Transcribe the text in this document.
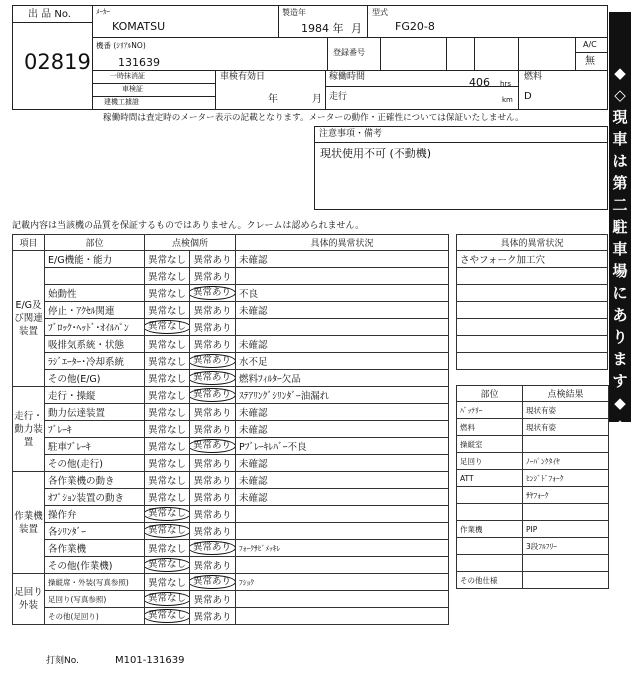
出 品 No.
02819
ﾒｰｶｰ
KOMATSU
製造年
1984 年 月
型式
FG20-8
機番 (ｼﾘｱﾙNO)
131639
登録番号
A/C
無
一時抹消証
車検証
建機工據證
車検有効日
年	月
稼働時間	406 hrs
走行	km
燃料
D
稼働時間は査定時のメーター表示の記載となります。メーターの動作・正確性については保証いたしません。
注意事項・備考
現状使用不可 (不動機)
記載内容は当該機の品質を保証するものではありません。クレームは認められません。
◆
◇
現
車
は
第
二
駐
車
場
に
あ
り
ま
す
◆
◇
項目	部位	点検個所		具体的異常状況
E/G及び関連装置	E/G機能・能力	異常なし	異常あり	未確認
		異常なし	異常あり	
	始動性	異常なし	異常あり	不良
	停止・ｱｸｾﾙ関連	異常なし	異常あり	未確認
	ﾌﾞﾛｯｸ･ﾍｯﾄﾞ･ｵｲﾙﾊﾟﾝ	異常なし	異常あり	
	吸排気系統・状態	異常なし	異常あり	未確認
	ﾗｼﾞｴｰﾀｰ･冷却系統	異常なし	異常あり	水不足
	その他(E/G)	異常なし	異常あり	燃料ﾌｨﾙﾀｰ欠品
走行・動力装置	走行・操縦	異常なし	異常あり	ｽﾃｱﾘﾝｸﾞｼﾘﾝﾀﾞｰ油漏れ
	動力伝達装置	異常なし	異常あり	未確認
	ﾌﾞﾚｰｷ	異常なし	異常あり	未確認
	駐車ﾌﾞﾚｰｷ	異常なし	異常あり	Pﾌﾞﾚｰｷﾚﾊﾞｰ不良
	その他(走行)	異常なし	異常あり	未確認
作業機装置	各作業機の動き	異常なし	異常あり	未確認
	ｵﾌﾟｼｮﾝ装置の動き	異常なし	異常あり	未確認
	操作弁	異常なし	異常あり	
	各ｼﾘﾝﾀﾞｰ	異常なし	異常あり	
	各作業機	異常なし	異常あり	ﾌｫｰｸｻﾋﾞﾒｯｷﾚ
	その他(作業機)	異常なし	異常あり	
足回り外装	操縦席・外装(写真参照)	異常なし	異常あり	ﾌｼｮｸ
	足回り(写真参照)	異常なし	異常あり	
	その他(足回り)	異常なし	異常あり	
具体的異常状況
さやフォーク加工穴

部位	点検結果
ﾊﾞｯﾃﾘｰ	現状有姿
燃料	現状有姿
操縦室	
足回り	ﾉｰﾊﾟﾝｸﾀｲﾔ
ATT	ﾋﾝｼﾞﾄﾞﾌｫｰｸ
	ｻﾔﾌｫｰｸ

作業機	PIP
	3段ﾌﾙﾌﾘｰ

その他仕様	
打刻No.	M101-131639
